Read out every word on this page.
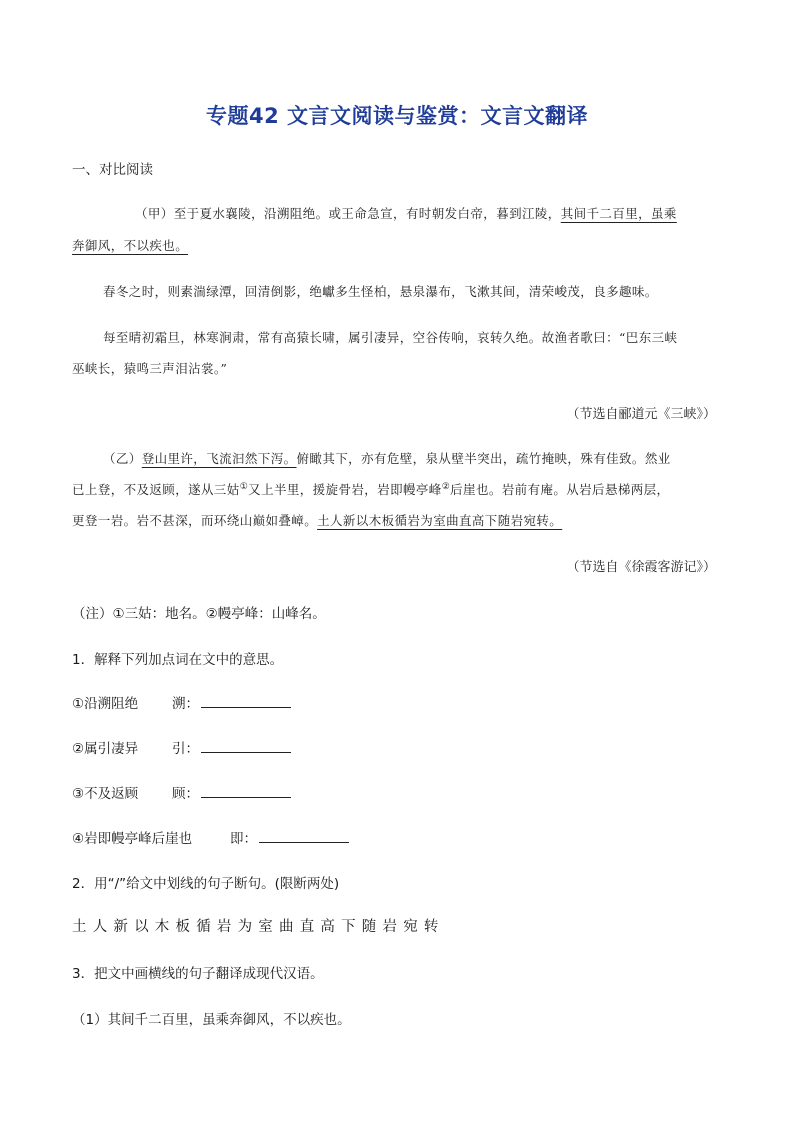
专题42 文言文阅读与鉴赏：文言文翻译
一、对比阅读
（甲）至于夏水襄陵，沿溯阻绝。或王命急宣，有时朝发白帝，暮到江陵，其间千二百里，虽乘
奔御风，不以疾也。
春冬之时，则素湍绿潭，回清倒影，绝巘多生怪柏，悬泉瀑布，飞漱其间，清荣峻茂，良多趣味。
每至晴初霜旦，林寒涧肃，常有高猿长啸，属引凄异，空谷传响，哀转久绝。故渔者歌曰：“巴东三峡
巫峡长，猿鸣三声泪沾裳。”
（节选自郦道元《三峡》）
（乙）登山里许，飞流汩然下泻。俯瞰其下，亦有危壁，泉从壁半突出，疏竹掩映，殊有佳致。然业
已上登，不及返顾，遂从三姑①又上半里，援旋骨岩，岩即幔亭峰②后崖也。岩前有庵。从岩后悬梯两层，
更登一岩。岩不甚深，而环绕山巅如叠嶂。土人新以木板循岩为室曲直高下随岩宛转。
（节选自《徐霞客游记》）
（注）①三姑：地名。②幔亭峰：山峰名。
1．解释下列加点词在文中的意思。
①沿溯阻绝	溯：
②属引凄异	引：
③不及返顾	顾：
④岩即幔亭峰后崖也	即：
2．用“/”给文中划线的句子断句。(限断两处)
土人新以木板循岩为室曲直高下随岩宛转
3．把文中画横线的句子翻译成现代汉语。
（1）其间千二百里，虽乘奔御风，不以疾也。
